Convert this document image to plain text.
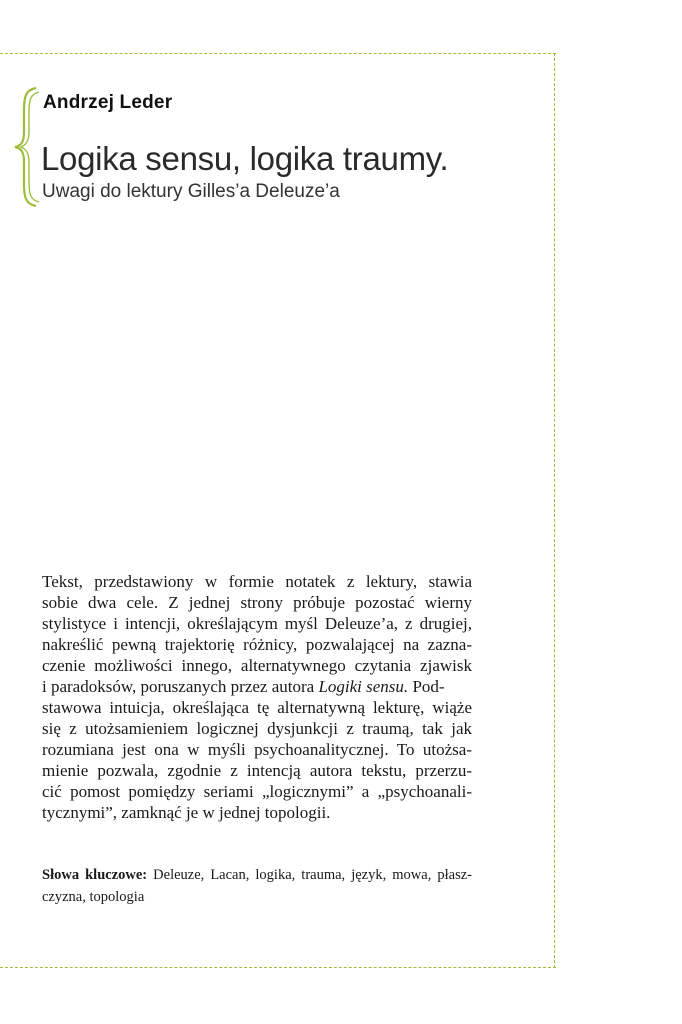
Andrzej Leder
Logika sensu, logika traumy.
Uwagi do lektury Gilles’a Deleuze’a
Tekst, przedstawiony w formie notatek z lektury, stawia
sobie dwa cele. Z jednej strony próbuje pozostać wierny
stylistyce i intencji, określającym myśl Deleuze’a, z drugiej,
nakreślić pewną trajektorię różnicy, pozwalającej na zazna-
czenie możliwości innego, alternatywnego czytania zjawisk
i paradoksów, poruszanych przez autora Logiki sensu. Pod-
stawowa intuicja, określająca tę alternatywną lekturę, wiąże
się z utożsamieniem logicznej dysjunkcji z traumą, tak jak
rozumiana jest ona w myśli psychoanalitycznej. To utożsa-
mienie pozwala, zgodnie z intencją autora tekstu, przerzu-
cić pomost pomiędzy seriami „logicznymi” a „psychoanali-
tycznymi”, zamknąć je w jednej topologii.
Słowa kluczowe: Deleuze, Lacan, logika, trauma, język, mowa, płasz-
czyzna, topologia
